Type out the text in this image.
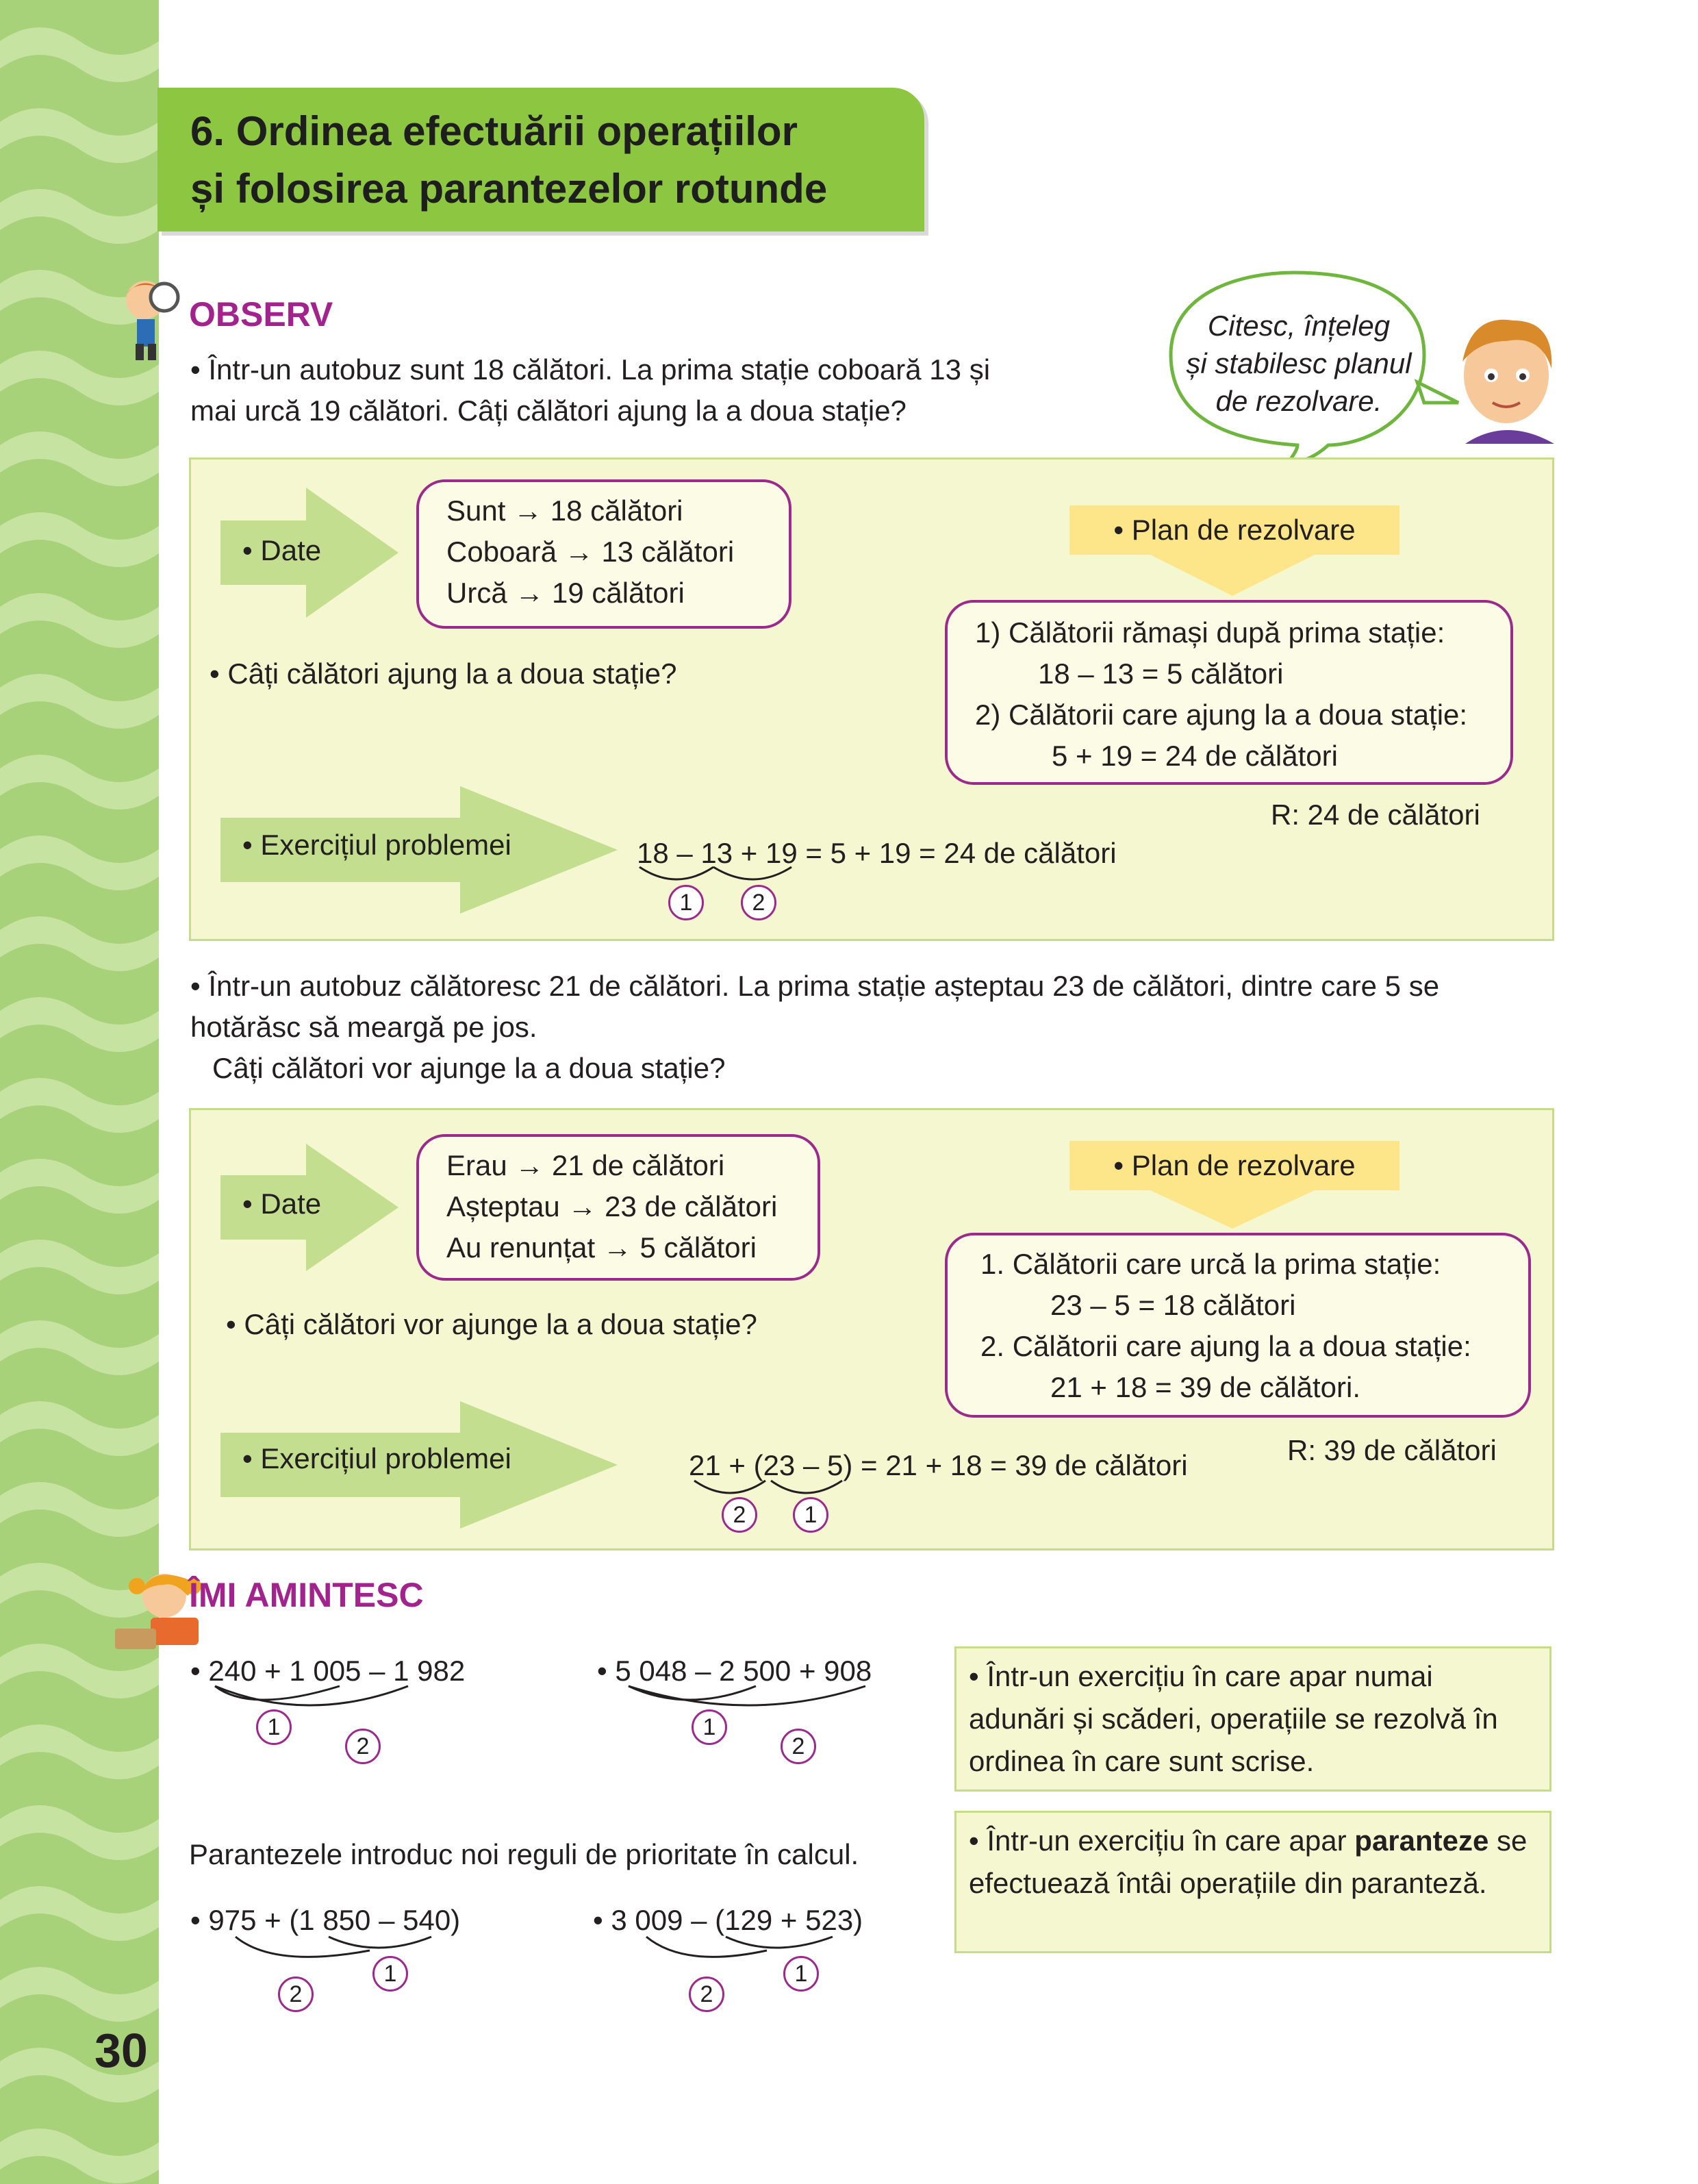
6. Ordinea efectuării operațiilor
și folosirea parantezelor rotunde
OBSERV
• Într-un autobuz sunt 18 călători. La prima stație coboară 13 și
mai urcă 19 călători. Câți călători ajung la a doua stație?
Citesc, înțeleg
și stabilesc planul
de rezolvare.
• Date
Sunt → 18 călători
Coboară → 13 călători
Urcă → 19 călători
• Câți călători ajung la a doua stație?
• Plan de rezolvare
1) Călătorii rămași după prima stație:
18 – 13 = 5 călători
2) Călătorii care ajung la a doua stație:
5 + 19 = 24 de călători
R: 24 de călători
• Exercițiul problemei	18 – 13 + 19 = 5 + 19 = 24 de călători
1	2
• Într-un autobuz călătoresc 21 de călători. La prima stație așteptau 23 de călători, dintre care 5 se
hotărăsc să meargă pe jos.
Câți călători vor ajunge la a doua stație?
• Date
Erau → 21 de călători
Așteptau → 23 de călători
Au renunțat → 5 călători
• Câți călători vor ajunge la a doua stație?
• Plan de rezolvare
1. Călătorii care urcă la prima stație:
23 – 5 = 18 călători
2. Călătorii care ajung la a doua stație:
21 + 18 = 39 de călători.
R: 39 de călători
• Exercițiul problemei	21 + (23 – 5) = 21 + 18 = 39 de călători
2	1
ÎMI AMINTESC
• 240 + 1 005 – 1 982
1
2
• 5 048 – 2 500 + 908
1
2
• Într-un exercițiu în care apar numai
adunări și scăderi, operațiile se rezolvă în
ordinea în care sunt scrise.
Parantezele introduc noi reguli de prioritate în calcul.
• 975 + (1 850 – 540)
1
2
• 3 009 – (129 + 523)
1
2
• Într-un exercițiu în care apar paranteze se
efectuează întâi operațiile din paranteză.
30
